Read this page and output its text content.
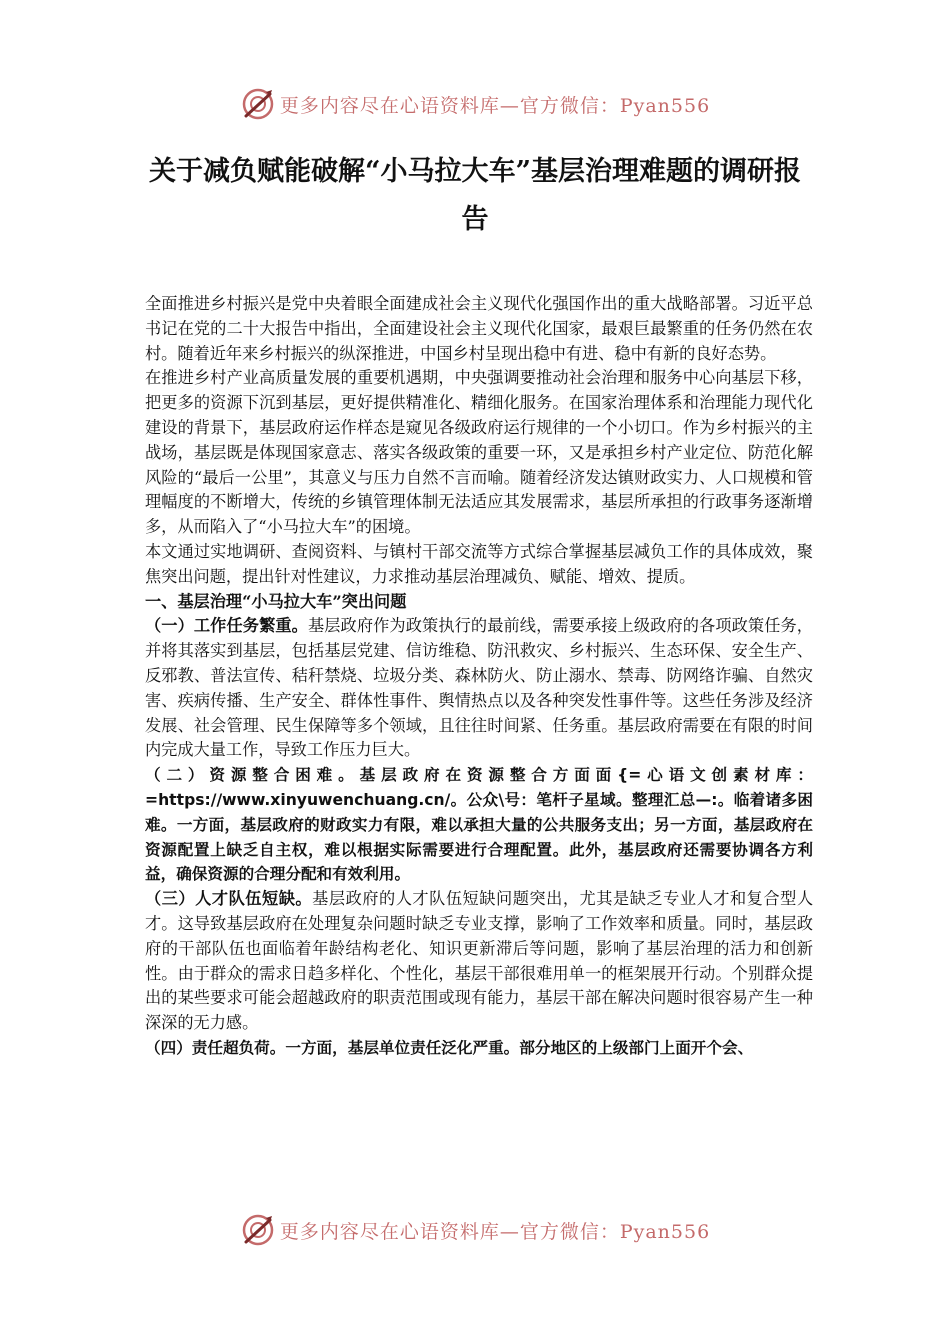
更多内容尽在心语资料库—官方微信：Pyan556
关于减负赋能破解“小马拉大车”基层治理难题的调研报告

全面推进乡村振兴是党中央着眼全面建成社会主义现代化强国作出的重大战略部署。习近平总书记在党的二十大报告中指出，全面建设社会主义现代化国家，最艰巨最繁重的任务仍然在农村。随着近年来乡村振兴的纵深推进，中国乡村呈现出稳中有进、稳中有新的良好态势。

在推进乡村产业高质量发展的重要机遇期，中央强调要推动社会治理和服务中心向基层下移，把更多的资源下沉到基层，更好提供精准化、精细化服务。在国家治理体系和治理能力现代化建设的背景下，基层政府运作样态是窥见各级政府运行规律的一个小切口。作为乡村振兴的主战场，基层既是体现国家意志、落实各级政策的重要一环，又是承担乡村产业定位、防范化解风险的“最后一公里”，其意义与压力自然不言而喻。随着经济发达镇财政实力、人口规模和管理幅度的不断增大，传统的乡镇管理体制无法适应其发展需求，基层所承担的行政事务逐渐增多，从而陷入了“小马拉大车”的困境。

本文通过实地调研、查阅资料、与镇村干部交流等方式综合掌握基层减负工作的具体成效，聚焦突出问题，提出针对性建议，力求推动基层治理减负、赋能、增效、提质。

一、基层治理“小马拉大车”突出问题

（一）工作任务繁重。基层政府作为政策执行的最前线，需要承接上级政府的各项政策任务，并将其落实到基层，包括基层党建、信访维稳、防汛救灾、乡村振兴、生态环保、安全生产、反邪教、普法宣传、秸秆禁烧、垃圾分类、森林防火、防止溺水、禁毒、防网络诈骗、自然灾害、疾病传播、生产安全、群体性事件、舆情热点以及各种突发性事件等。这些任务涉及经济发展、社会管理、民生保障等多个领域，且往往时间紧、任务重。基层政府需要在有限的时间内完成大量工作，导致工作压力巨大。

（二）资源整合困难。基层政府在资源整合方面面{=心语文创素材库：=https://www.xinyuwenchuang.cn/。公众\号：笔杆子星域。整理汇总—:。临着诸多困难。一方面，基层政府的财政实力有限，难以承担大量的公共服务支出；另一方面，基层政府在资源配置上缺乏自主权，难以根据实际需要进行合理配置。此外，基层政府还需要协调各方利益，确保资源的合理分配和有效利用。

（三）人才队伍短缺。基层政府的人才队伍短缺问题突出，尤其是缺乏专业人才和复合型人才。这导致基层政府在处理复杂问题时缺乏专业支撑，影响了工作效率和质量。同时，基层政府的干部队伍也面临着年龄结构老化、知识更新滞后等问题，影响了基层治理的活力和创新性。由于群众的需求日趋多样化、个性化，基层干部很难用单一的框架展开行动。个别群众提出的某些要求可能会超越政府的职责范围或现有能力，基层干部在解决问题时很容易产生一种深深的无力感。

（四）责任超负荷。一方面，基层单位责任泛化严重。部分地区的上级部门上面开个会、

更多内容尽在心语资料库—官方微信：Pyan556
